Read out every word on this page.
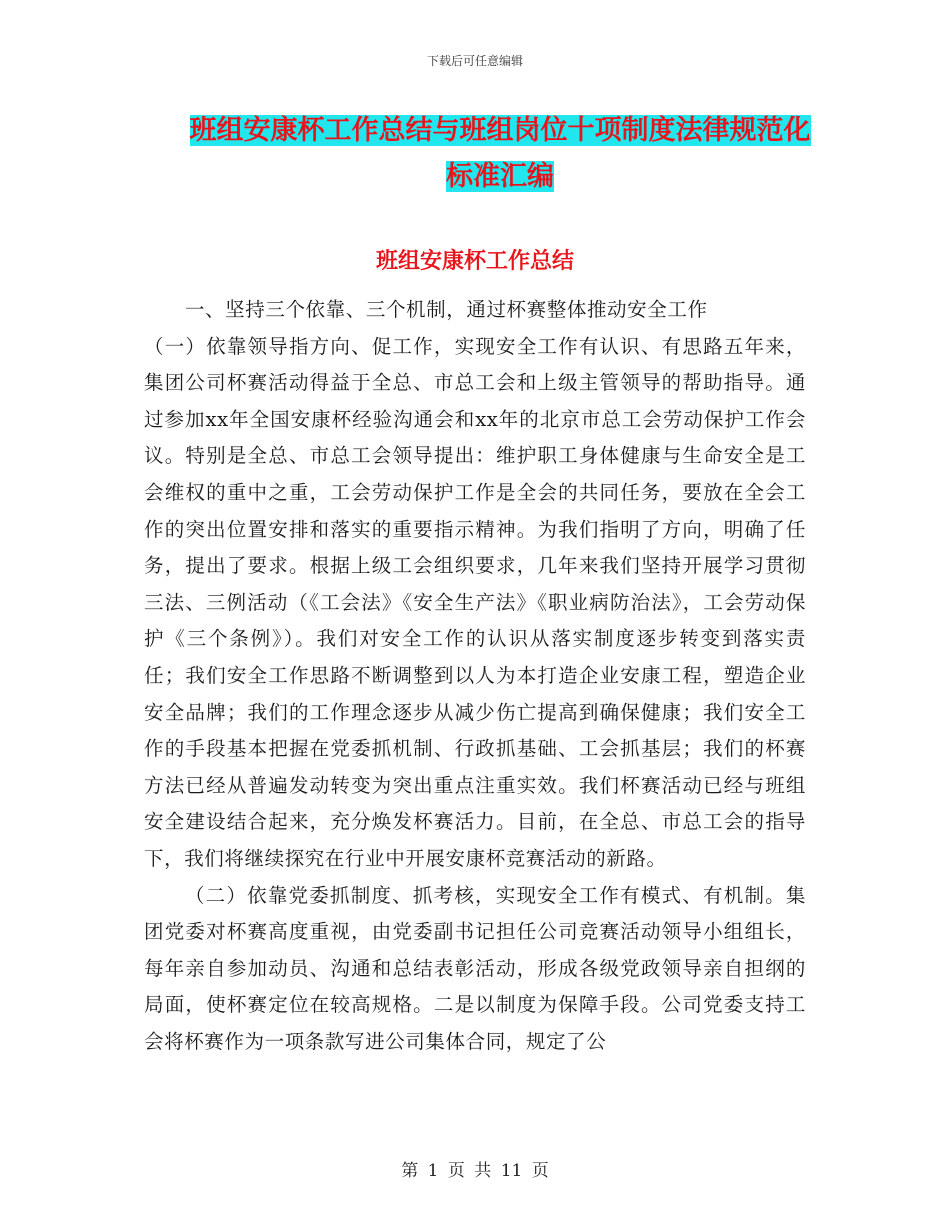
下载后可任意编辑
班组安康杯工作总结与班组岗位十项制度法律规范化
标准汇编
班组安康杯工作总结

一、坚持三个依靠、三个机制，通过杯赛整体推动安全工作

（一）依靠领导指方向、促工作，实现安全工作有认识、有思路五年来，集团公司杯赛活动得益于全总、市总工会和上级主管领导的帮助指导。通过参加xx年全国安康杯经验沟通会和xx年的北京市总工会劳动保护工作会议。特别是全总、市总工会领导提出：维护职工身体健康与生命安全是工会维权的重中之重，工会劳动保护工作是全会的共同任务，要放在全会工作的突出位置安排和落实的重要指示精神。为我们指明了方向，明确了任务，提出了要求。根据上级工会组织要求，几年来我们坚持开展学习贯彻三法、三例活动（《工会法》《安全生产法》《职业病防治法》，工会劳动保护《三个条例》）。我们对安全工作的认识从落实制度逐步转变到落实责任；我们安全工作思路不断调整到以人为本打造企业安康工程，塑造企业安全品牌；我们的工作理念逐步从减少伤亡提高到确保健康；我们安全工作的手段基本把握在党委抓机制、行政抓基础、工会抓基层；我们的杯赛方法已经从普遍发动转变为突出重点注重实效。我们杯赛活动已经与班组安全建设结合起来，充分焕发杯赛活力。目前，在全总、市总工会的指导下，我们将继续探究在行业中开展安康杯竞赛活动的新路。

（二）依靠党委抓制度、抓考核，实现安全工作有模式、有机制。集团党委对杯赛高度重视，由党委副书记担任公司竞赛活动领导小组组长，每年亲自参加动员、沟通和总结表彰活动，形成各级党政领导亲自担纲的局面，使杯赛定位在较高规格。二是以制度为保障手段。公司党委支持工会将杯赛作为一项条款写进公司集体合同，规定了公

第 1 页 共 11 页
